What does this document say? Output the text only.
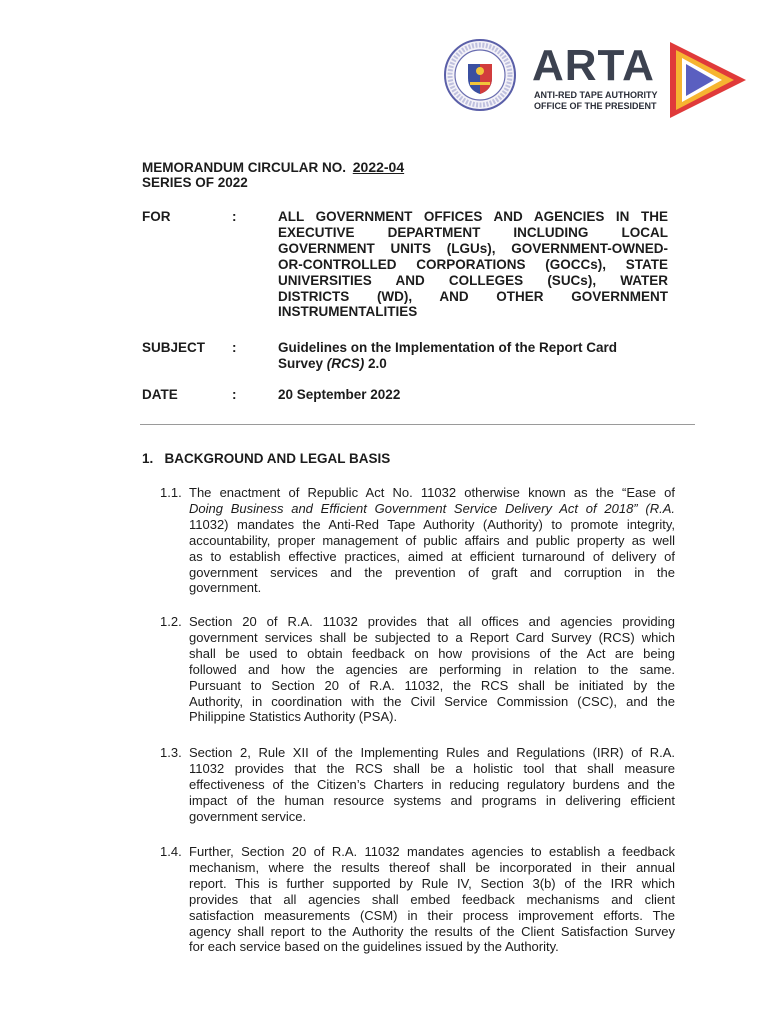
ARTA
ANTI-RED TAPE AUTHORITY
OFFICE OF THE PRESIDENT
MEMORANDUM CIRCULAR NO. 2022-04
SERIES OF 2022
FOR	:	ALL GOVERNMENT OFFICES AND AGENCIES IN THE
EXECUTIVE DEPARTMENT INCLUDING LOCAL
GOVERNMENT UNITS (LGUs), GOVERNMENT-OWNED-
OR-CONTROLLED CORPORATIONS (GOCCs), STATE
UNIVERSITIES AND COLLEGES (SUCs), WATER
DISTRICTS (WD), AND OTHER GOVERNMENT
INSTRUMENTALITIES
SUBJECT :	Guidelines on the Implementation of the Report Card Survey (RCS) 2.0
DATE	:	20 September 2022
1.   BACKGROUND AND LEGAL BASIS
1.1. The enactment of Republic Act No. 11032 otherwise known as the “Ease of
Doing Business and Efficient Government Service Delivery Act of 2018” (R.A.
11032) mandates the Anti-Red Tape Authority (Authority) to promote integrity,
accountability, proper management of public affairs and public property as well
as to establish effective practices, aimed at efficient turnaround of delivery of
government services and the prevention of graft and corruption in the
government.
1.2. Section 20 of R.A. 11032 provides that all offices and agencies providing
government services shall be subjected to a Report Card Survey (RCS) which
shall be used to obtain feedback on how provisions of the Act are being
followed and how the agencies are performing in relation to the same.
Pursuant to Section 20 of R.A. 11032, the RCS shall be initiated by the
Authority, in coordination with the Civil Service Commission (CSC), and the
Philippine Statistics Authority (PSA).
1.3. Section 2, Rule XII of the Implementing Rules and Regulations (IRR) of R.A.
11032 provides that the RCS shall be a holistic tool that shall measure
effectiveness of the Citizen’s Charters in reducing regulatory burdens and the
impact of the human resource systems and programs in delivering efficient
government service.
1.4. Further, Section 20 of R.A. 11032 mandates agencies to establish a feedback
mechanism, where the results thereof shall be incorporated in their annual
report. This is further supported by Rule IV, Section 3(b) of the IRR which
provides that all agencies shall embed feedback mechanisms and client
satisfaction measurements (CSM) in their process improvement efforts. The
agency shall report to the Authority the results of the Client Satisfaction Survey
for each service based on the guidelines issued by the Authority.
